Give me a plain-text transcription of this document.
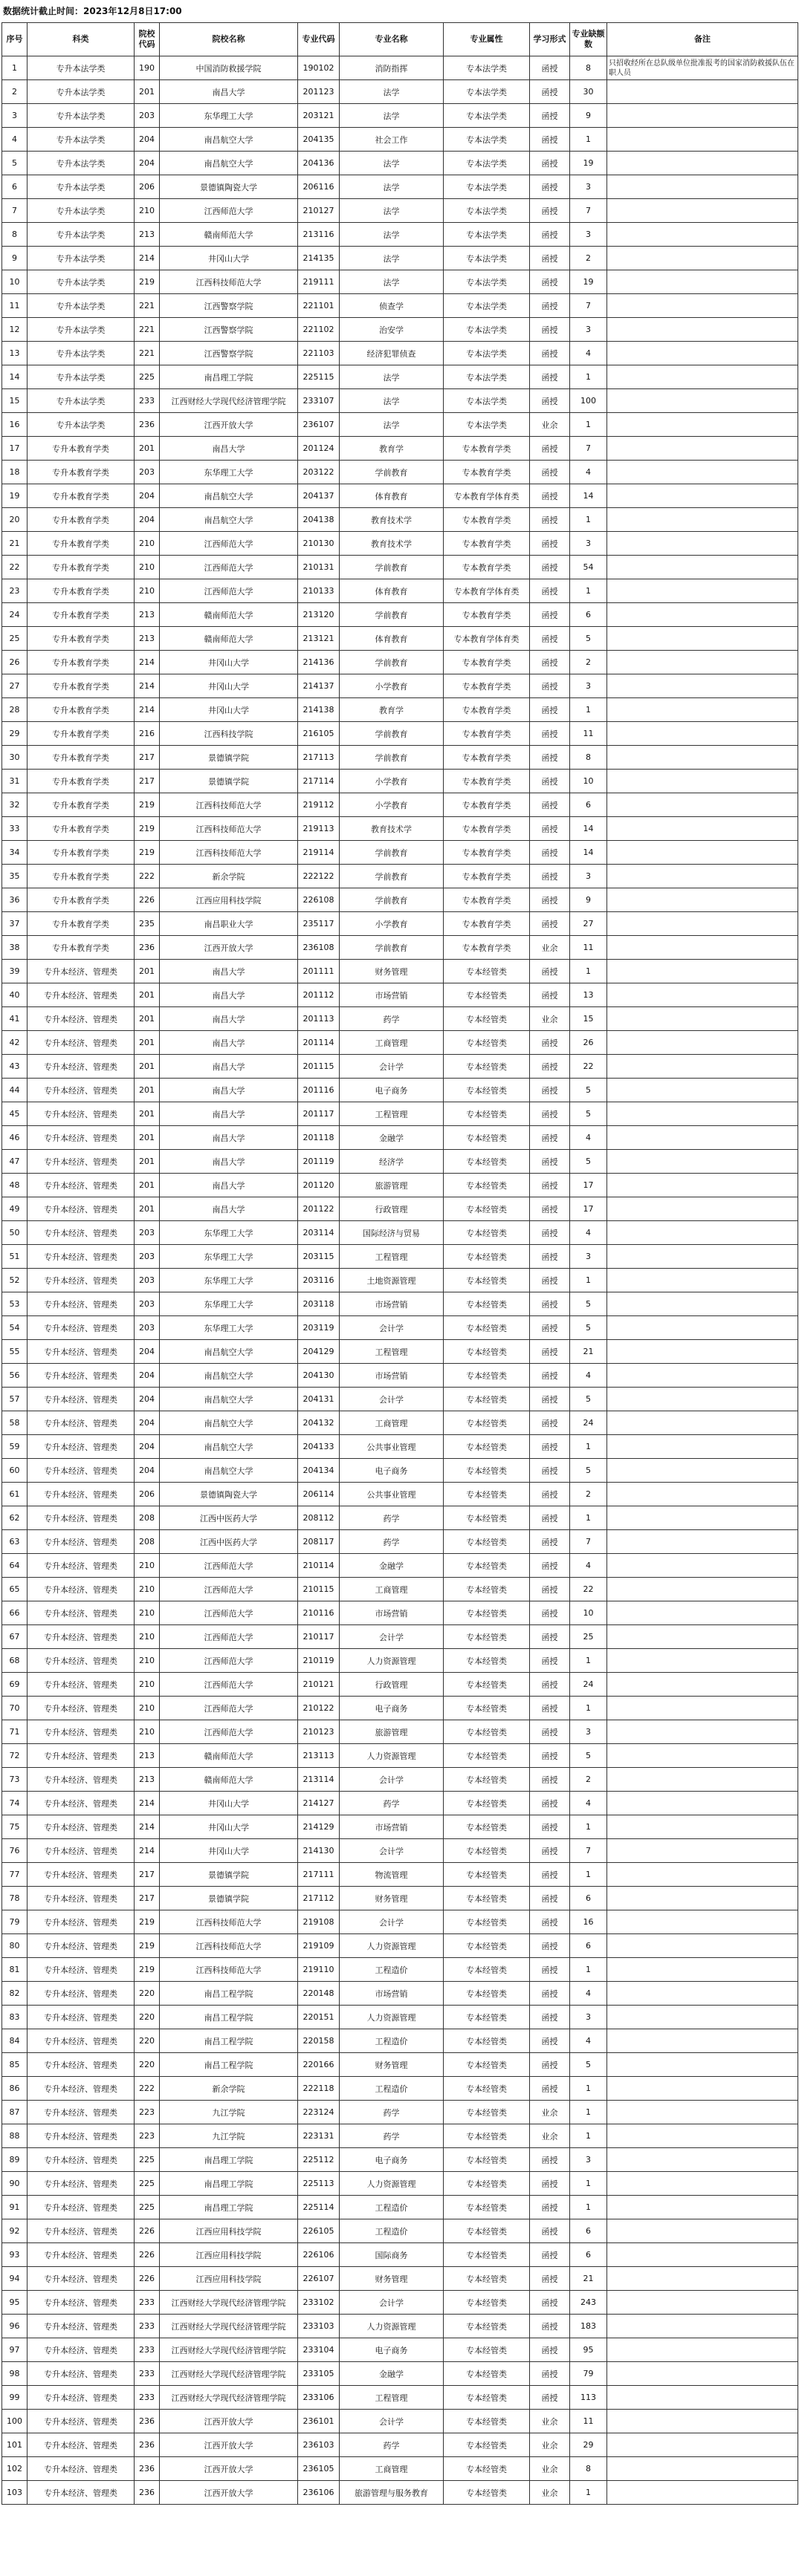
数据统计截止时间：2023年12月8日17:00
序号	科类	院校代码	院校名称	专业代码	专业名称	专业属性	学习形式	专业缺额数	备注
1	专升本法学类	190	中国消防救援学院	190102	消防指挥	专本法学类	函授	8	只招收经所在总队级单位批准报考的国家消防救援队伍在职人员
2	专升本法学类	201	南昌大学	201123	法学	专本法学类	函授	30	
3	专升本法学类	203	东华理工大学	203121	法学	专本法学类	函授	9	
4	专升本法学类	204	南昌航空大学	204135	社会工作	专本法学类	函授	1	
5	专升本法学类	204	南昌航空大学	204136	法学	专本法学类	函授	19	
6	专升本法学类	206	景德镇陶瓷大学	206116	法学	专本法学类	函授	3	
7	专升本法学类	210	江西师范大学	210127	法学	专本法学类	函授	7	
8	专升本法学类	213	赣南师范大学	213116	法学	专本法学类	函授	3	
9	专升本法学类	214	井冈山大学	214135	法学	专本法学类	函授	2	
10	专升本法学类	219	江西科技师范大学	219111	法学	专本法学类	函授	19	
11	专升本法学类	221	江西警察学院	221101	侦查学	专本法学类	函授	7	
12	专升本法学类	221	江西警察学院	221102	治安学	专本法学类	函授	3	
13	专升本法学类	221	江西警察学院	221103	经济犯罪侦查	专本法学类	函授	4	
14	专升本法学类	225	南昌理工学院	225115	法学	专本法学类	函授	1	
15	专升本法学类	233	江西财经大学现代经济管理学院	233107	法学	专本法学类	函授	100	
16	专升本法学类	236	江西开放大学	236107	法学	专本法学类	业余	1	
17	专升本教育学类	201	南昌大学	201124	教育学	专本教育学类	函授	7	
18	专升本教育学类	203	东华理工大学	203122	学前教育	专本教育学类	函授	4	
19	专升本教育学类	204	南昌航空大学	204137	体育教育	专本教育学体育类	函授	14	
20	专升本教育学类	204	南昌航空大学	204138	教育技术学	专本教育学类	函授	1	
21	专升本教育学类	210	江西师范大学	210130	教育技术学	专本教育学类	函授	3	
22	专升本教育学类	210	江西师范大学	210131	学前教育	专本教育学类	函授	54	
23	专升本教育学类	210	江西师范大学	210133	体育教育	专本教育学体育类	函授	1	
24	专升本教育学类	213	赣南师范大学	213120	学前教育	专本教育学类	函授	6	
25	专升本教育学类	213	赣南师范大学	213121	体育教育	专本教育学体育类	函授	5	
26	专升本教育学类	214	井冈山大学	214136	学前教育	专本教育学类	函授	2	
27	专升本教育学类	214	井冈山大学	214137	小学教育	专本教育学类	函授	3	
28	专升本教育学类	214	井冈山大学	214138	教育学	专本教育学类	函授	1	
29	专升本教育学类	216	江西科技学院	216105	学前教育	专本教育学类	函授	11	
30	专升本教育学类	217	景德镇学院	217113	学前教育	专本教育学类	函授	8	
31	专升本教育学类	217	景德镇学院	217114	小学教育	专本教育学类	函授	10	
32	专升本教育学类	219	江西科技师范大学	219112	小学教育	专本教育学类	函授	6	
33	专升本教育学类	219	江西科技师范大学	219113	教育技术学	专本教育学类	函授	14	
34	专升本教育学类	219	江西科技师范大学	219114	学前教育	专本教育学类	函授	14	
35	专升本教育学类	222	新余学院	222122	学前教育	专本教育学类	函授	3	
36	专升本教育学类	226	江西应用科技学院	226108	学前教育	专本教育学类	函授	9	
37	专升本教育学类	235	南昌职业大学	235117	小学教育	专本教育学类	函授	27	
38	专升本教育学类	236	江西开放大学	236108	学前教育	专本教育学类	业余	11	
39	专升本经济、管理类	201	南昌大学	201111	财务管理	专本经管类	函授	1	
40	专升本经济、管理类	201	南昌大学	201112	市场营销	专本经管类	函授	13	
41	专升本经济、管理类	201	南昌大学	201113	药学	专本经管类	业余	15	
42	专升本经济、管理类	201	南昌大学	201114	工商管理	专本经管类	函授	26	
43	专升本经济、管理类	201	南昌大学	201115	会计学	专本经管类	函授	22	
44	专升本经济、管理类	201	南昌大学	201116	电子商务	专本经管类	函授	5	
45	专升本经济、管理类	201	南昌大学	201117	工程管理	专本经管类	函授	5	
46	专升本经济、管理类	201	南昌大学	201118	金融学	专本经管类	函授	4	
47	专升本经济、管理类	201	南昌大学	201119	经济学	专本经管类	函授	5	
48	专升本经济、管理类	201	南昌大学	201120	旅游管理	专本经管类	函授	17	
49	专升本经济、管理类	201	南昌大学	201122	行政管理	专本经管类	函授	17	
50	专升本经济、管理类	203	东华理工大学	203114	国际经济与贸易	专本经管类	函授	4	
51	专升本经济、管理类	203	东华理工大学	203115	工程管理	专本经管类	函授	3	
52	专升本经济、管理类	203	东华理工大学	203116	土地资源管理	专本经管类	函授	1	
53	专升本经济、管理类	203	东华理工大学	203118	市场营销	专本经管类	函授	5	
54	专升本经济、管理类	203	东华理工大学	203119	会计学	专本经管类	函授	5	
55	专升本经济、管理类	204	南昌航空大学	204129	工程管理	专本经管类	函授	21	
56	专升本经济、管理类	204	南昌航空大学	204130	市场营销	专本经管类	函授	4	
57	专升本经济、管理类	204	南昌航空大学	204131	会计学	专本经管类	函授	5	
58	专升本经济、管理类	204	南昌航空大学	204132	工商管理	专本经管类	函授	24	
59	专升本经济、管理类	204	南昌航空大学	204133	公共事业管理	专本经管类	函授	1	
60	专升本经济、管理类	204	南昌航空大学	204134	电子商务	专本经管类	函授	5	
61	专升本经济、管理类	206	景德镇陶瓷大学	206114	公共事业管理	专本经管类	函授	2	
62	专升本经济、管理类	208	江西中医药大学	208112	药学	专本经管类	函授	1	
63	专升本经济、管理类	208	江西中医药大学	208117	药学	专本经管类	函授	7	
64	专升本经济、管理类	210	江西师范大学	210114	金融学	专本经管类	函授	4	
65	专升本经济、管理类	210	江西师范大学	210115	工商管理	专本经管类	函授	22	
66	专升本经济、管理类	210	江西师范大学	210116	市场营销	专本经管类	函授	10	
67	专升本经济、管理类	210	江西师范大学	210117	会计学	专本经管类	函授	25	
68	专升本经济、管理类	210	江西师范大学	210119	人力资源管理	专本经管类	函授	1	
69	专升本经济、管理类	210	江西师范大学	210121	行政管理	专本经管类	函授	24	
70	专升本经济、管理类	210	江西师范大学	210122	电子商务	专本经管类	函授	1	
71	专升本经济、管理类	210	江西师范大学	210123	旅游管理	专本经管类	函授	3	
72	专升本经济、管理类	213	赣南师范大学	213113	人力资源管理	专本经管类	函授	5	
73	专升本经济、管理类	213	赣南师范大学	213114	会计学	专本经管类	函授	2	
74	专升本经济、管理类	214	井冈山大学	214127	药学	专本经管类	函授	4	
75	专升本经济、管理类	214	井冈山大学	214129	市场营销	专本经管类	函授	1	
76	专升本经济、管理类	214	井冈山大学	214130	会计学	专本经管类	函授	7	
77	专升本经济、管理类	217	景德镇学院	217111	物流管理	专本经管类	函授	1	
78	专升本经济、管理类	217	景德镇学院	217112	财务管理	专本经管类	函授	6	
79	专升本经济、管理类	219	江西科技师范大学	219108	会计学	专本经管类	函授	16	
80	专升本经济、管理类	219	江西科技师范大学	219109	人力资源管理	专本经管类	函授	6	
81	专升本经济、管理类	219	江西科技师范大学	219110	工程造价	专本经管类	函授	1	
82	专升本经济、管理类	220	南昌工程学院	220148	市场营销	专本经管类	函授	4	
83	专升本经济、管理类	220	南昌工程学院	220151	人力资源管理	专本经管类	函授	3	
84	专升本经济、管理类	220	南昌工程学院	220158	工程造价	专本经管类	函授	4	
85	专升本经济、管理类	220	南昌工程学院	220166	财务管理	专本经管类	函授	5	
86	专升本经济、管理类	222	新余学院	222118	工程造价	专本经管类	函授	1	
87	专升本经济、管理类	223	九江学院	223124	药学	专本经管类	业余	1	
88	专升本经济、管理类	223	九江学院	223131	药学	专本经管类	业余	1	
89	专升本经济、管理类	225	南昌理工学院	225112	电子商务	专本经管类	函授	3	
90	专升本经济、管理类	225	南昌理工学院	225113	人力资源管理	专本经管类	函授	1	
91	专升本经济、管理类	225	南昌理工学院	225114	工程造价	专本经管类	函授	1	
92	专升本经济、管理类	226	江西应用科技学院	226105	工程造价	专本经管类	函授	6	
93	专升本经济、管理类	226	江西应用科技学院	226106	国际商务	专本经管类	函授	6	
94	专升本经济、管理类	226	江西应用科技学院	226107	财务管理	专本经管类	函授	21	
95	专升本经济、管理类	233	江西财经大学现代经济管理学院	233102	会计学	专本经管类	函授	243	
96	专升本经济、管理类	233	江西财经大学现代经济管理学院	233103	人力资源管理	专本经管类	函授	183	
97	专升本经济、管理类	233	江西财经大学现代经济管理学院	233104	电子商务	专本经管类	函授	95	
98	专升本经济、管理类	233	江西财经大学现代经济管理学院	233105	金融学	专本经管类	函授	79	
99	专升本经济、管理类	233	江西财经大学现代经济管理学院	233106	工程管理	专本经管类	函授	113	
100	专升本经济、管理类	236	江西开放大学	236101	会计学	专本经管类	业余	11	
101	专升本经济、管理类	236	江西开放大学	236103	药学	专本经管类	业余	29	
102	专升本经济、管理类	236	江西开放大学	236105	工商管理	专本经管类	业余	8	
103	专升本经济、管理类	236	江西开放大学	236106	旅游管理与服务教育	专本经管类	业余	1	
